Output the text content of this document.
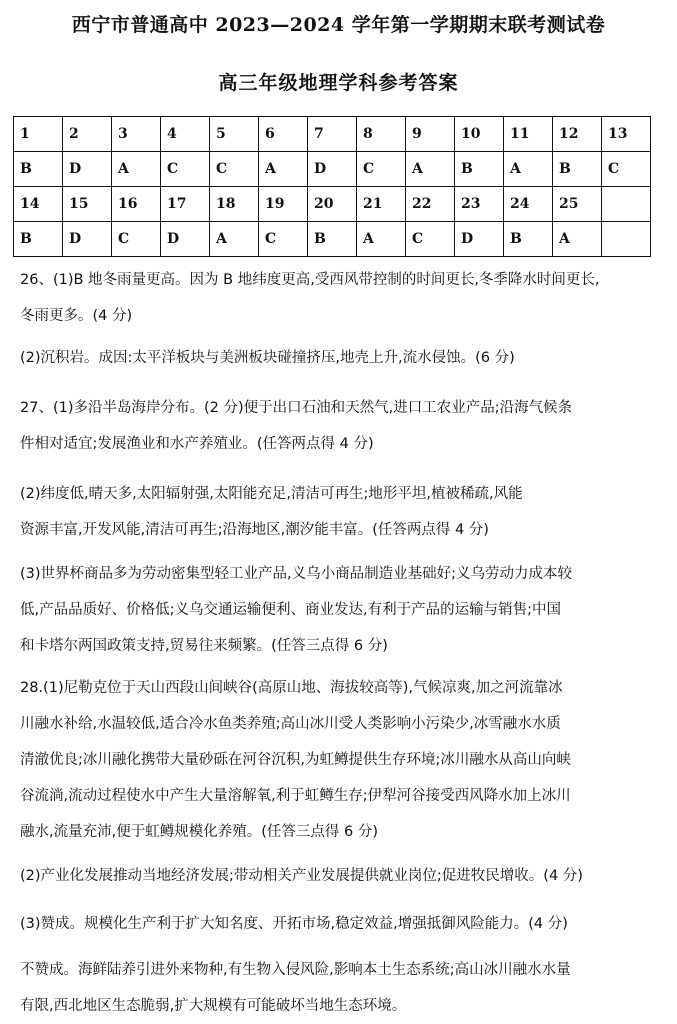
西宁市普通高中 2023—2024 学年第一学期期末联考测试卷
高三年级地理学科参考答案
1	2	3	4	5	6	7	8	9	10	11	12	13
B	D	A	C	C	A	D	C	A	B	A	B	C
14	15	16	17	18	19	20	21	22	23	24	25	
B	D	C	D	A	C	B	A	C	D	B	A	

26、(1)B 地冬雨量更高。因为 B 地纬度更高,受西风带控制的时间更长,冬季降水时间更长,

冬雨更多。(4 分)

(2)沉积岩。成因:太平洋板块与美洲板块碰撞挤压,地壳上升,流水侵蚀。(6 分)

27、(1)多沿半岛海岸分布。(2 分)便于出口石油和天然气,进口工农业产品;沿海气候条

件相对适宜;发展渔业和水产养殖业。(任答两点得 4 分)

(2)纬度低,晴天多,太阳辐射强,太阳能充足,清洁可再生;地形平坦,植被稀疏,风能

资源丰富,开发风能,清洁可再生;沿海地区,潮汐能丰富。(任答两点得 4 分)

(3)世界杯商品多为劳动密集型轻工业产品,义乌小商品制造业基础好;义乌劳动力成本较

低,产品品质好、价格低;义乌交通运输便利、商业发达,有利于产品的运输与销售;中国

和卡塔尔两国政策支持,贸易往来频繁。(任答三点得 6 分)

28.(1)尼勒克位于天山西段山间峡谷(高原山地、海拔较高等),气候凉爽,加之河流靠冰

川融水补给,水温较低,适合冷水鱼类养殖;高山冰川受人类影响小污染少,冰雪融水水质

清澈优良;冰川融化携带大量砂砾在河谷沉积,为虹鳟提供生存环境;冰川融水从高山向峡

谷流淌,流动过程使水中产生大量溶解氧,利于虹鳟生存;伊犁河谷接受西风降水加上冰川

融水,流量充沛,便于虹鳟规模化养殖。(任答三点得 6 分)

(2)产业化发展推动当地经济发展;带动相关产业发展提供就业岗位;促进牧民增收。(4 分)

(3)赞成。规模化生产利于扩大知名度、开拓市场,稳定效益,增强抵御风险能力。(4 分)

不赞成。海鲜陆养引进外来物种,有生物入侵风险,影响本土生态系统;高山冰川融水水量

有限,西北地区生态脆弱,扩大规模有可能破坏当地生态环境。
